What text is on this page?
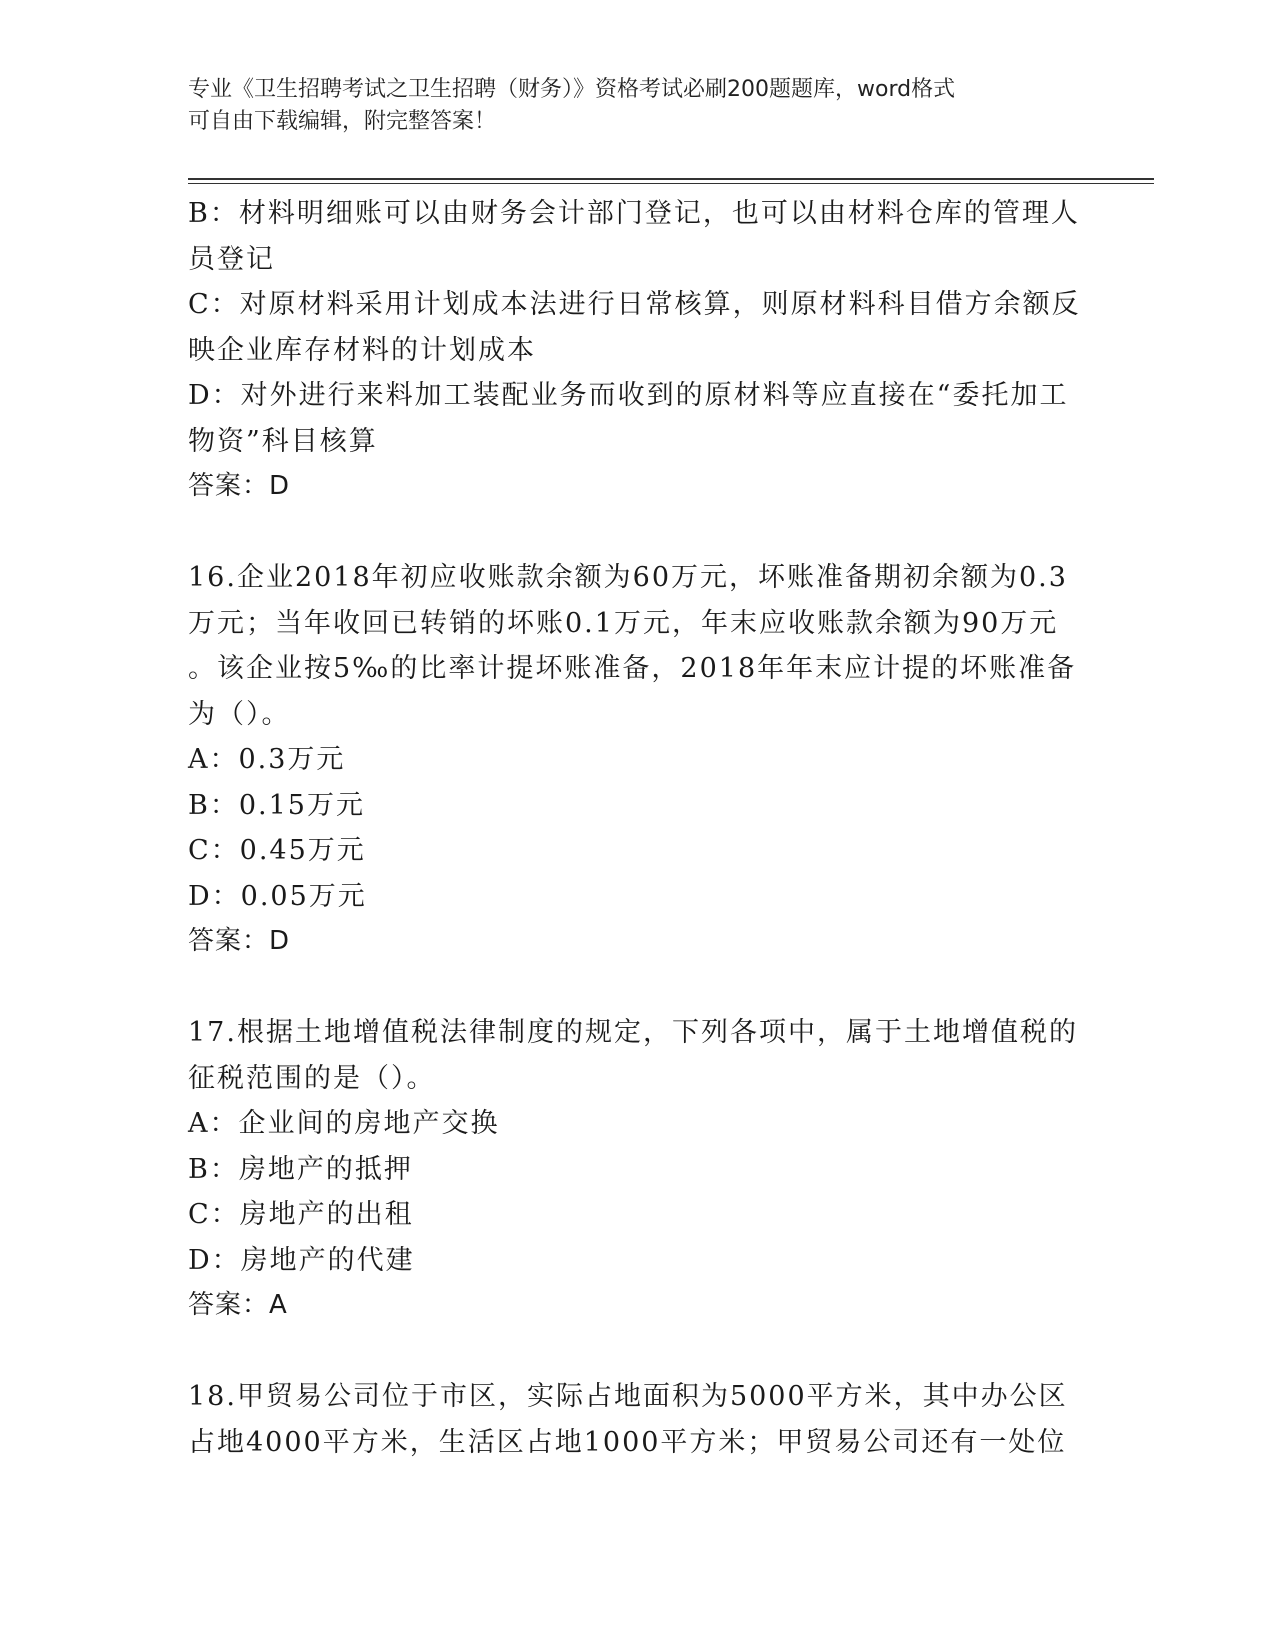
专业《卫生招聘考试之卫生招聘（财务）》资格考试必刷200题题库，word格式
可自由下载编辑，附完整答案！
B：材料明细账可以由财务会计部门登记，也可以由材料仓库的管理人
员登记
C：对原材料采用计划成本法进行日常核算，则原材料科目借方余额反
映企业库存材料的计划成本
D：对外进行来料加工装配业务而收到的原材料等应直接在“委托加工
物资”科目核算
答案：D
16.企业2018年初应收账款余额为60万元，坏账准备期初余额为0.3
万元；当年收回已转销的坏账0.1万元，年末应收账款余额为90万元
。该企业按5‰的比率计提坏账准备，2018年年末应计提的坏账准备
为（）。
A：0.3万元
B：0.15万元
C：0.45万元
D：0.05万元
答案：D
17.根据土地增值税法律制度的规定，下列各项中，属于土地增值税的
征税范围的是（）。
A：企业间的房地产交换
B：房地产的抵押
C：房地产的出租
D：房地产的代建
答案：A
18.甲贸易公司位于市区，实际占地面积为5000平方米，其中办公区
占地4000平方米，生活区占地1000平方米；甲贸易公司还有一处位
